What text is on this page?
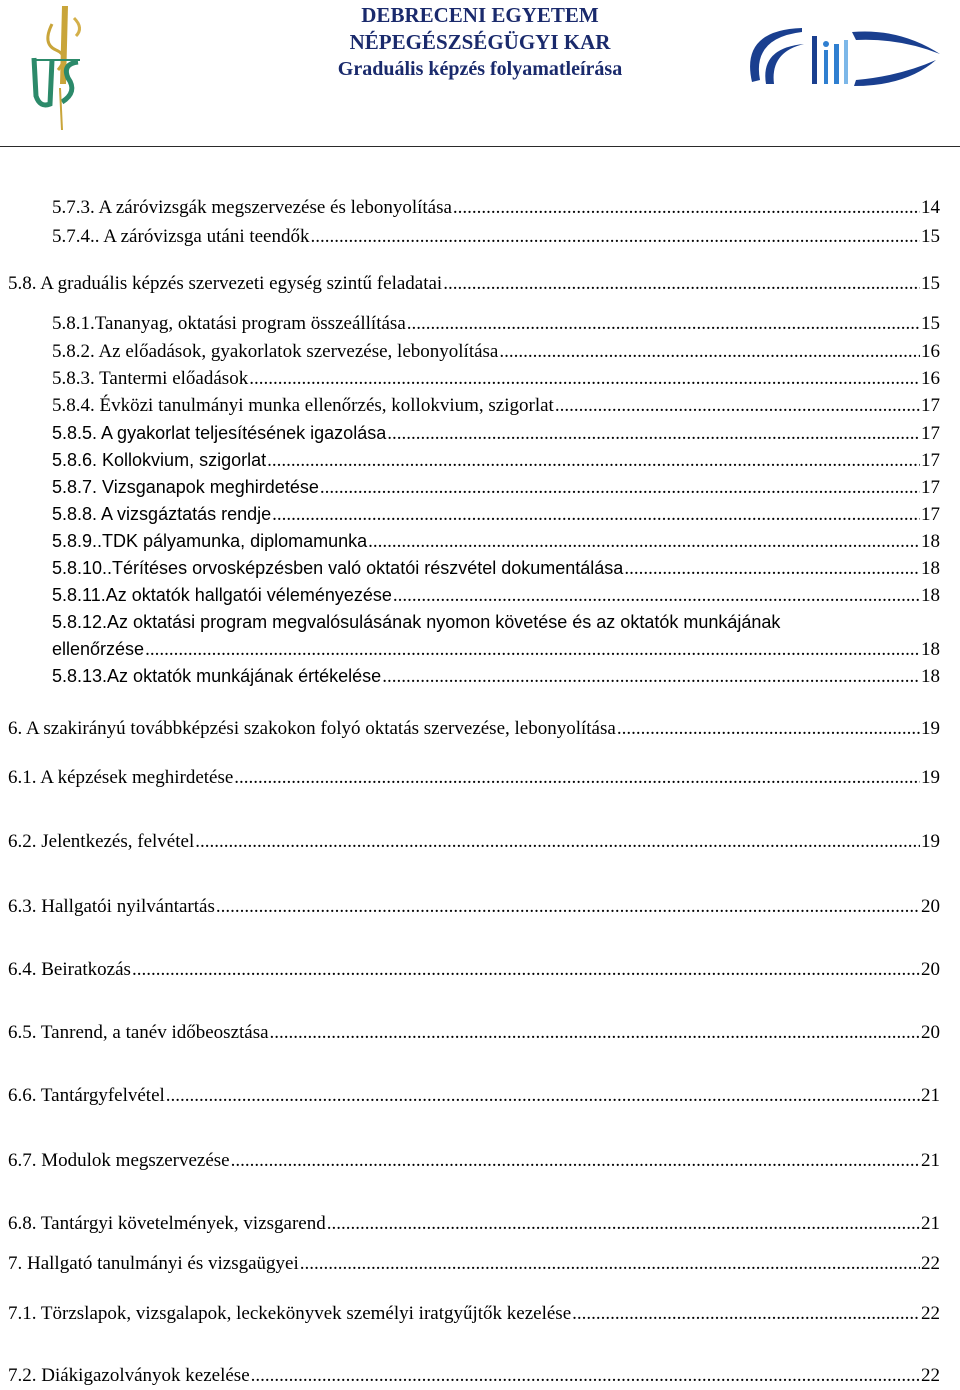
DEBRECENI EGYETEM
NÉPEGÉSZSÉGÜGYI KAR
Graduális képzés folyamatleírása
5.7.3. A záróvizsgák megszervezése és lebonyolítása .....	14
5.7.4.. A záróvizsga utáni teendők .....	15
5.8. A graduális képzés szervezeti egység szintű feladatai .....	15
5.8.1.Tananyag, oktatási program összeállítása .....	15
5.8.2. Az előadások, gyakorlatok szervezése, lebonyolítása .....	16
5.8.3. Tantermi előadások .....	16
5.8.4. Évközi tanulmányi munka ellenőrzés, kollokvium, szigorlat .....	17
5.8.5. A gyakorlat teljesítésének igazolása .....	17
5.8.6. Kollokvium, szigorlat .....	17
5.8.7. Vizsganapok meghirdetése .....	17
5.8.8. A vizsgáztatás rendje .....	17
5.8.9..TDK pályamunka, diplomamunka .....	18
5.8.10..Térítéses orvosképzésben való oktatói részvétel dokumentálása .....	18
5.8.11.Az oktatók hallgatói véleményezése .....	18
5.8.12.Az oktatási program megvalósulásának nyomon követése és az oktatók munkájának
ellenőrzése .....	18
5.8.13.Az oktatók munkájának értékelése .....	18
6. A szakirányú továbbképzési szakokon folyó oktatás szervezése, lebonyolítása .....	19
6.1. A képzések meghirdetése .....	19
6.2. Jelentkezés, felvétel .....	19
6.3. Hallgatói nyilvántartás .....	20
6.4. Beiratkozás .....	20
6.5. Tanrend, a tanév időbeosztása .....	20
6.6. Tantárgyfelvétel .....	21
6.7. Modulok megszervezése .....	21
6.8. Tantárgyi követelmények, vizsgarend .....	21
7. Hallgató tanulmányi és vizsgaügyei .....	22
7.1. Törzslapok, vizsgalapok, leckekönyvek személyi iratgyűjtők kezelése .....	22
7.2. Diákigazolványok kezelése .....	22
